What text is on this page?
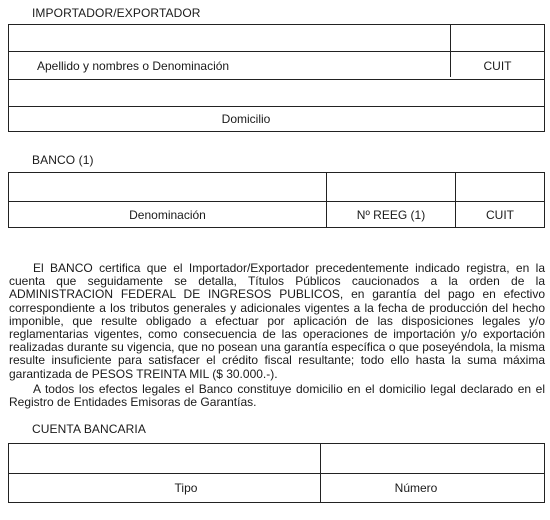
IMPORTADOR/EXPORTADOR
Apellido y nombres o Denominación	CUIT
Domicilio
BANCO (1)
Denominación	Nº REEG (1)	CUIT

El BANCO certifica que el Importador/Exportador precedentemente indicado registra, en la cuenta que seguidamente se detalla, Títulos Públicos caucionados a la orden de la ADMINISTRACION FEDERAL DE INGRESOS PUBLICOS, en garantía del pago en efectivo correspondiente a los tributos generales y adicionales vigentes a la fecha de producción del hecho imponible, que resulte obligado a efectuar por aplicación de las disposiciones legales y/o reglamentarias vigentes, como consecuencia de las operaciones de importación y/o exportación realizadas durante su vigencia, que no posean una garantía específica o que poseyéndola, la misma resulte insuficiente para satisfacer el crédito fiscal resultante; todo ello hasta la suma máxima garantizada de PESOS TREINTA MIL ($ 30.000.-).

A todos los efectos legales el Banco constituye domicilio en el domicilio legal declarado en el Registro de Entidades Emisoras de Garantías.

CUENTA BANCARIA
Tipo	Número
